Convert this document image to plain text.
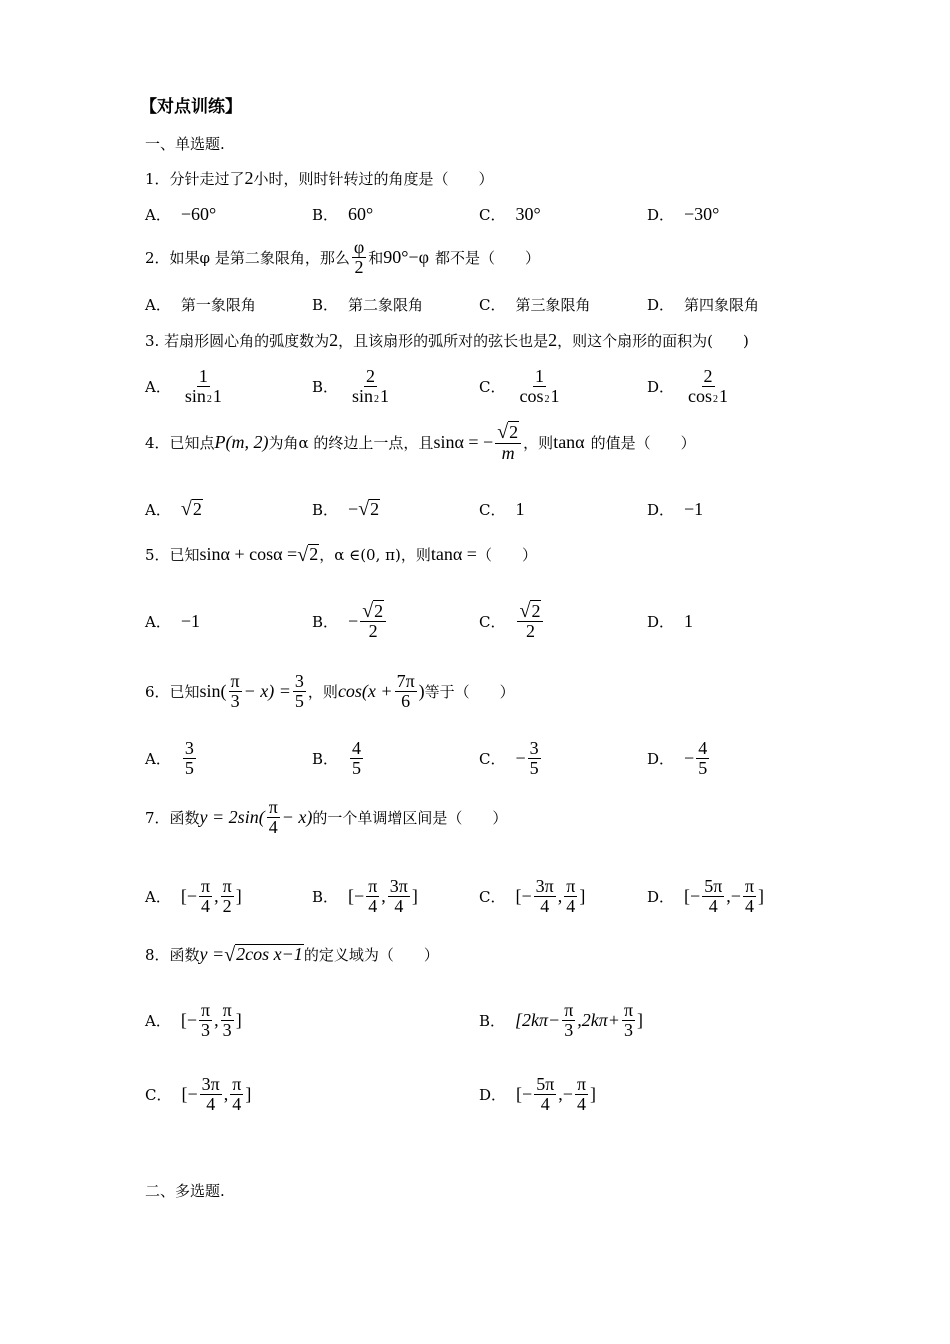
【对点训练】
一、单选题.
1．分针走过了 2 小时，则时针转过的角度是（　　）
A． −60°	B． 60°	C． 30°	D． −30°
2．如果φ 是第二象限角，那么 $\frac{\varphi}{2}$ 和 90°−φ 都不是（　　）
A． 第一象限角	B． 第二象限角	C． 第三象限角	D． 第四象限角
3. 若扇形圆心角的弧度数为 2 ，且该扇形的弧所对的弦长也是 2 ，则这个扇形的面积为(　　)
A． $\frac{1}{\sin 21}$	B． $\frac{2}{\sin 21}$	C． $\frac{1}{\cos 21}$	D． $\frac{2}{\cos 21}$
4．已知点 P(m, 2) 为角α 的终边上一点，且 sinα = − $\frac{√2}{m}$ ，则 tanα 的值是（　　）
A． √ 2	B． − √ 2	C． 1	D． −1
5．已知 sinα + cosα = √ 2 ，α ∈(0, π)，则 tanα = （　　）
A． −1	B． − $\frac{√2}{2}$	C． $\frac{√2}{2}$	D． 1
6．已知 $\sin( \frac{\pi}{3} - x) = \frac{3}{5}$ ，则 $\cos(x + \frac{7\pi}{6}$ ) 等于（　　）
A． $\frac{3}{5}$	B． $\frac{4}{5}$	C． − $\frac{3}{5}$	D． − $\frac{4}{5}$
7．函数 $y = 2\sin( \frac{\pi}{4} - x)$ 的一个单调增区间是（　　）
A． [− $\frac{\pi}{4}$ , $\frac{\pi}{2}$ ]	B． [− $\frac{\pi}{4}$ , $\frac{3\pi}{4}$ ]	C． [− $\frac{3\pi}{4}$ , $\frac{\pi}{4}$ ]	D． [− $\frac{5\pi}{4}$ ,− $\frac{\pi}{4}$ ]
8．函数 y = √ 2cos x−1 的定义域为（　　）
A． [− $\frac{\pi}{3}$ , $\frac{\pi}{3}$ ]	B． [$2k\pi- \frac{\pi}{3} ,2k\pi+ \frac{\pi}{3}$ ]
C． [− $\frac{3\pi}{4}$ , $\frac{\pi}{4}$ ]	D． [− $\frac{5\pi}{4}$ ,− $\frac{\pi}{4}$ ]
二、多选题.
